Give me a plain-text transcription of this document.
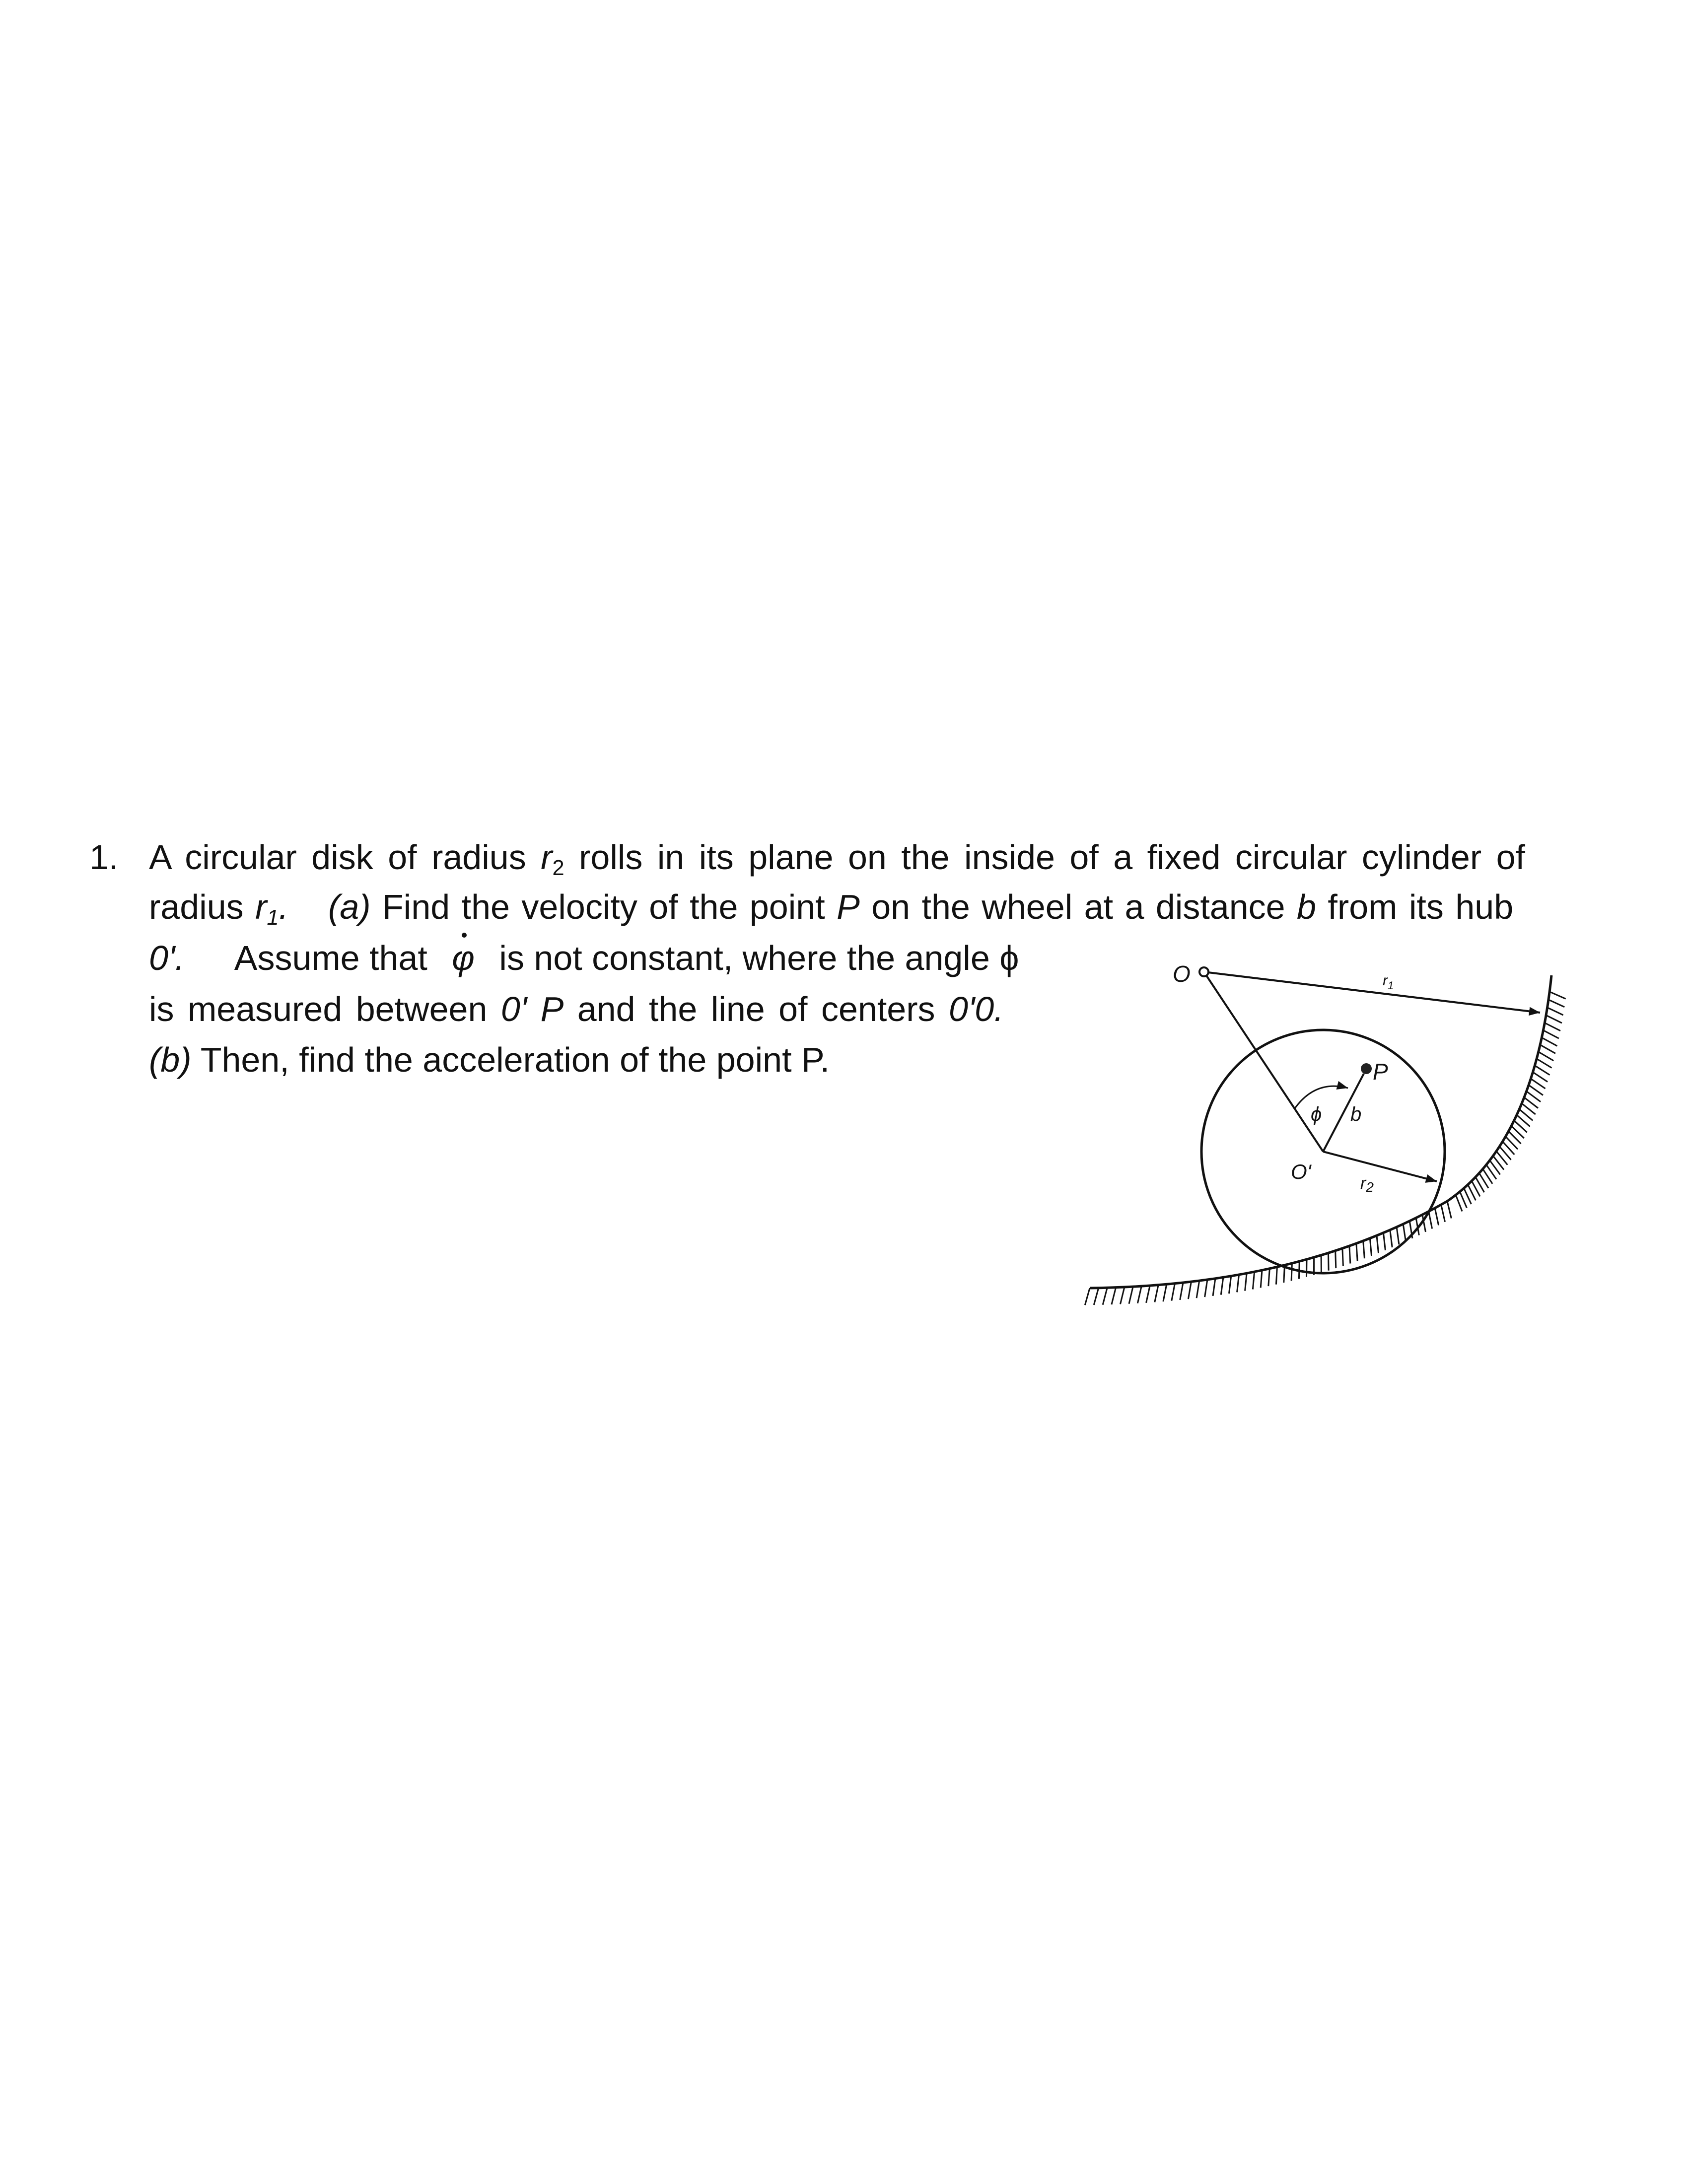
1. A circular disk of radius $r_2$ rolls in its plane on the inside of a fixed circular cylinder of
radius $r_1$. (a) Find the velocity of the point P on the wheel at a distance b from its hub
0'. Assume that φ is not constant, where the angle ϕ
is measured between 0' P and the line of centers 0'0.
(b) Then, find the acceleration of the point P.
O	$r_1$
P
ϕ b
O'	r2
